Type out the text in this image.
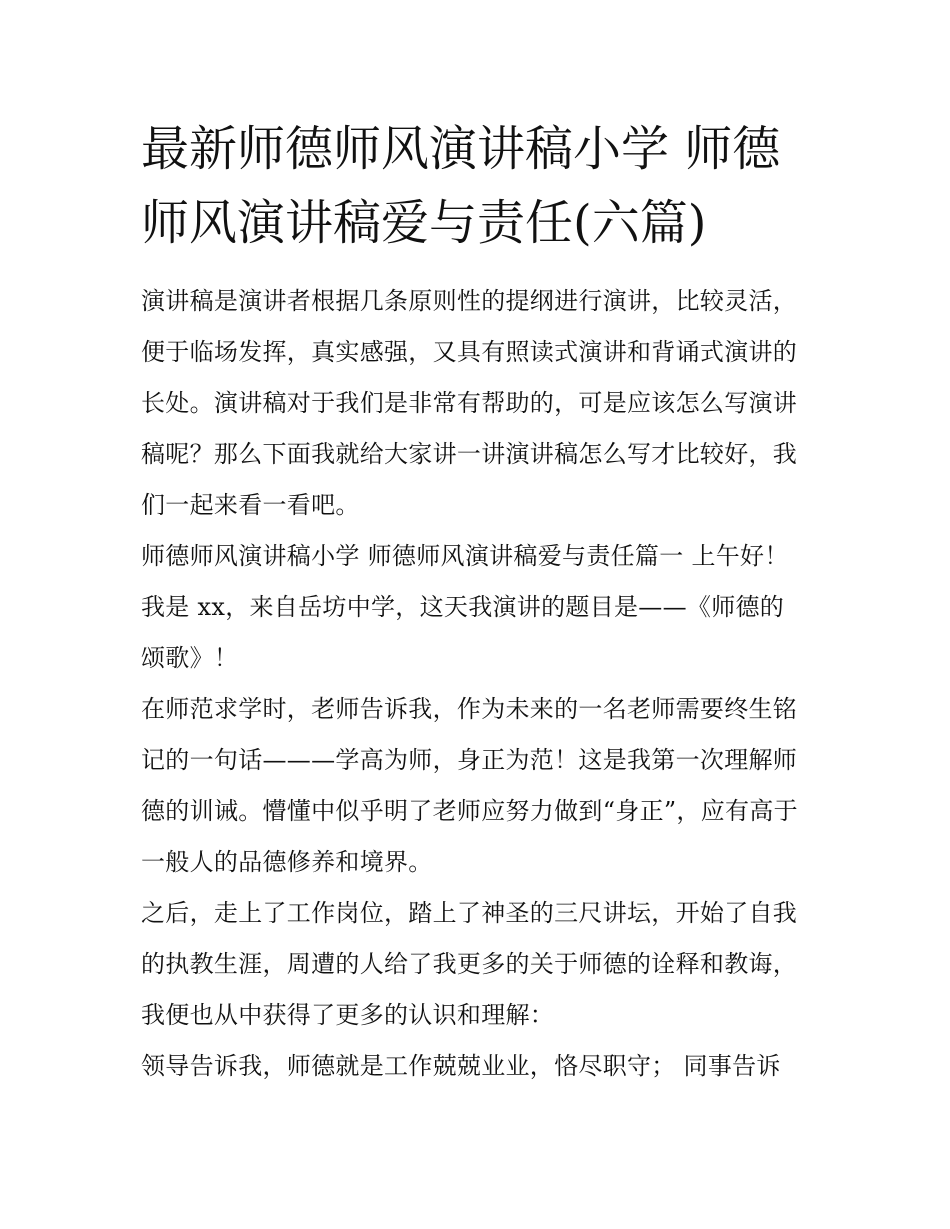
最新师德师风演讲稿小学 师德
师风演讲稿爱与责任(六篇)

演讲稿是演讲者根据几条原则性的提纲进行演讲，比较灵活，
便于临场发挥，真实感强，又具有照读式演讲和背诵式演讲的
长处。演讲稿对于我们是非常有帮助的，可是应该怎么写演讲
稿呢？那么下面我就给大家讲一讲演讲稿怎么写才比较好，我
们一起来看一看吧。

师德师风演讲稿小学 师德师风演讲稿爱与责任篇一 上午好！
我是 xx，来自岳坊中学，这天我演讲的题目是——《师德的
颂歌》！

在师范求学时，老师告诉我，作为未来的一名老师需要终生铭
记的一句话———学高为师，身正为范！这是我第一次理解师
德的训诫。懵懂中似乎明了老师应努力做到“身正”，应有高于
一般人的品德修养和境界。

之后，走上了工作岗位，踏上了神圣的三尺讲坛，开始了自我
的执教生涯，周遭的人给了我更多的关于师德的诠释和教诲，
我便也从中获得了更多的认识和理解：

领导告诉我，师德就是工作兢兢业业，恪尽职守； 同事告诉
